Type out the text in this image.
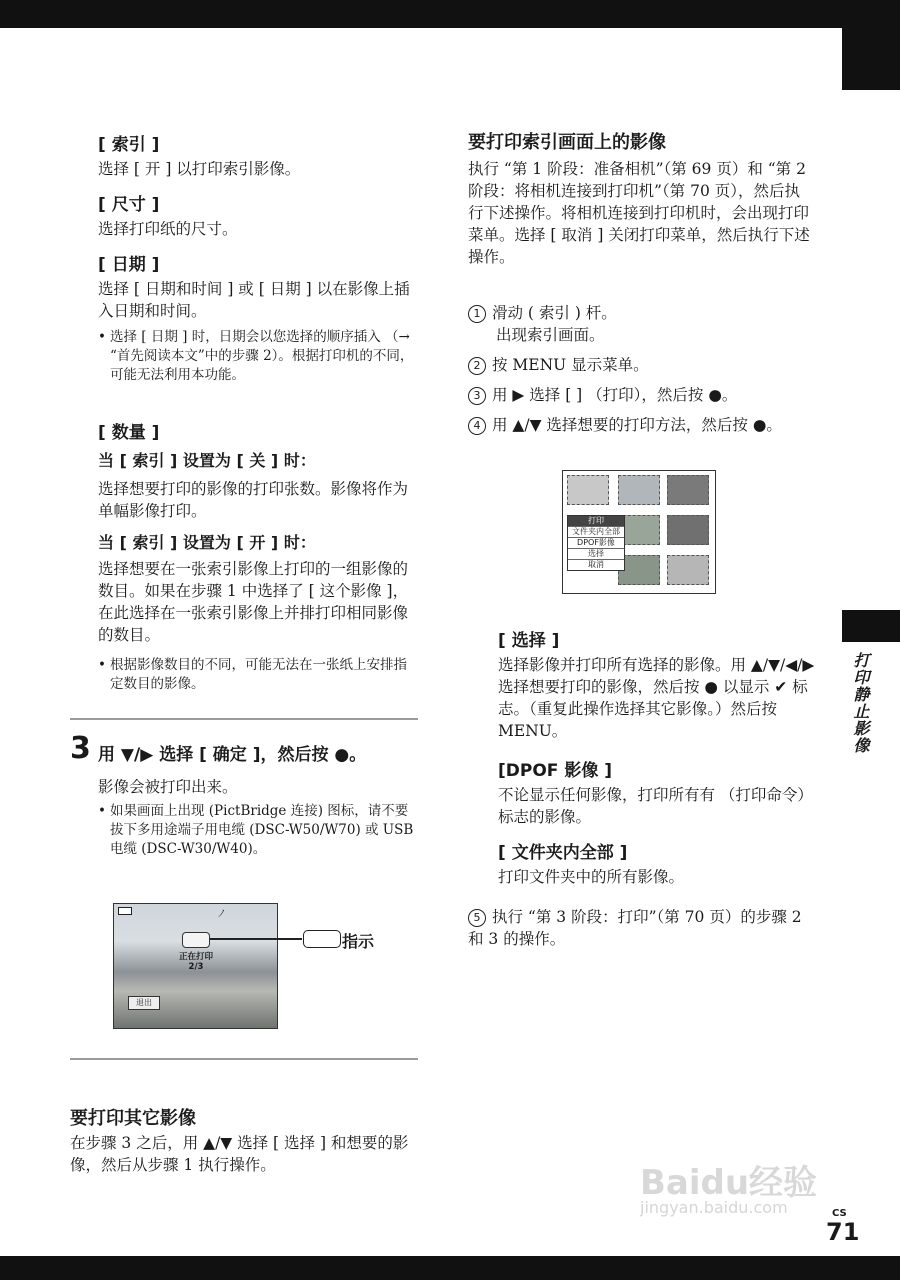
打印静止影像
[ 索引 ]

选择 [ 开 ] 以打印索引影像。

[ 尺寸 ]

选择打印纸的尺寸。

[ 日期 ]

选择 [ 日期和时间 ] 或 [ 日期 ] 以在影像上插入日期和时间。

• 选择 [ 日期 ] 时，日期会以您选择的顺序插入 （→ “首先阅读本文”中的步骤 2）。根据打印机的不同，可能无法利用本功能。
[ 数量 ]
当 [ 索引 ] 设置为 [ 关 ] 时：

选择想要打印的影像的打印张数。影像将作为单幅影像打印。

当 [ 索引 ] 设置为 [ 开 ] 时：

选择想要在一张索引影像上打印的一组影像的数目。如果在步骤 1 中选择了 [ 这个影像 ]，在此选择在一张索引影像上并排打印相同影像的数目。

• 根据影像数目的不同，可能无法在一张纸上安排指定数目的影像。
3 用 ▼/▶ 选择 [ 确定 ]，然后按 ●。

影像会被打印出来。

• 如果画面上出现 (PictBridge 连接) 图标，请不要拔下多用途端子用电缆 (DSC-W50/W70) 或 USB 电缆 (DSC-W30/W40)。
ﾉ
正在打印
2/3
退出
指示
要打印其它影像

在步骤 3 之后，用 ▲/▼ 选择 [ 选择 ] 和想要的影像，然后从步骤 1 执行操作。

要打印索引画面上的影像

执行 “第 1 阶段：准备相机”（第 69 页）和 “第 2 阶段：将相机连接到打印机”（第 70 页），然后执行下述操作。将相机连接到打印机时，会出现打印菜单。选择 [ 取消 ] 关闭打印菜单，然后执行下述操作。

1 滑动 ( 索引 ) 杆。
出现索引画面。
2 按 MENU 显示菜单。
3 用 ▶ 选择 [ ] （打印），然后按 ●。
4 用 ▲/▼ 选择想要的打印方法，然后按 ●。
打印
文件夹内全部
DPOF影像
选择
取消
[ 选择 ]

选择影像并打印所有选择的影像。用 ▲/▼/◀/▶ 选择想要打印的影像，然后按 ● 以显示 ✔ 标志。（重复此操作选择其它影像。）然后按 MENU。

[DPOF 影像 ]

不论显示任何影像，打印所有有 （打印命令）标志的影像。

[ 文件夹内全部 ]

打印文件夹中的所有影像。

5 执行 “第 3 阶段：打印”（第 70 页）的步骤 2 和 3 的操作。
Baidu经验
jingyan.baidu.com	CS
71
